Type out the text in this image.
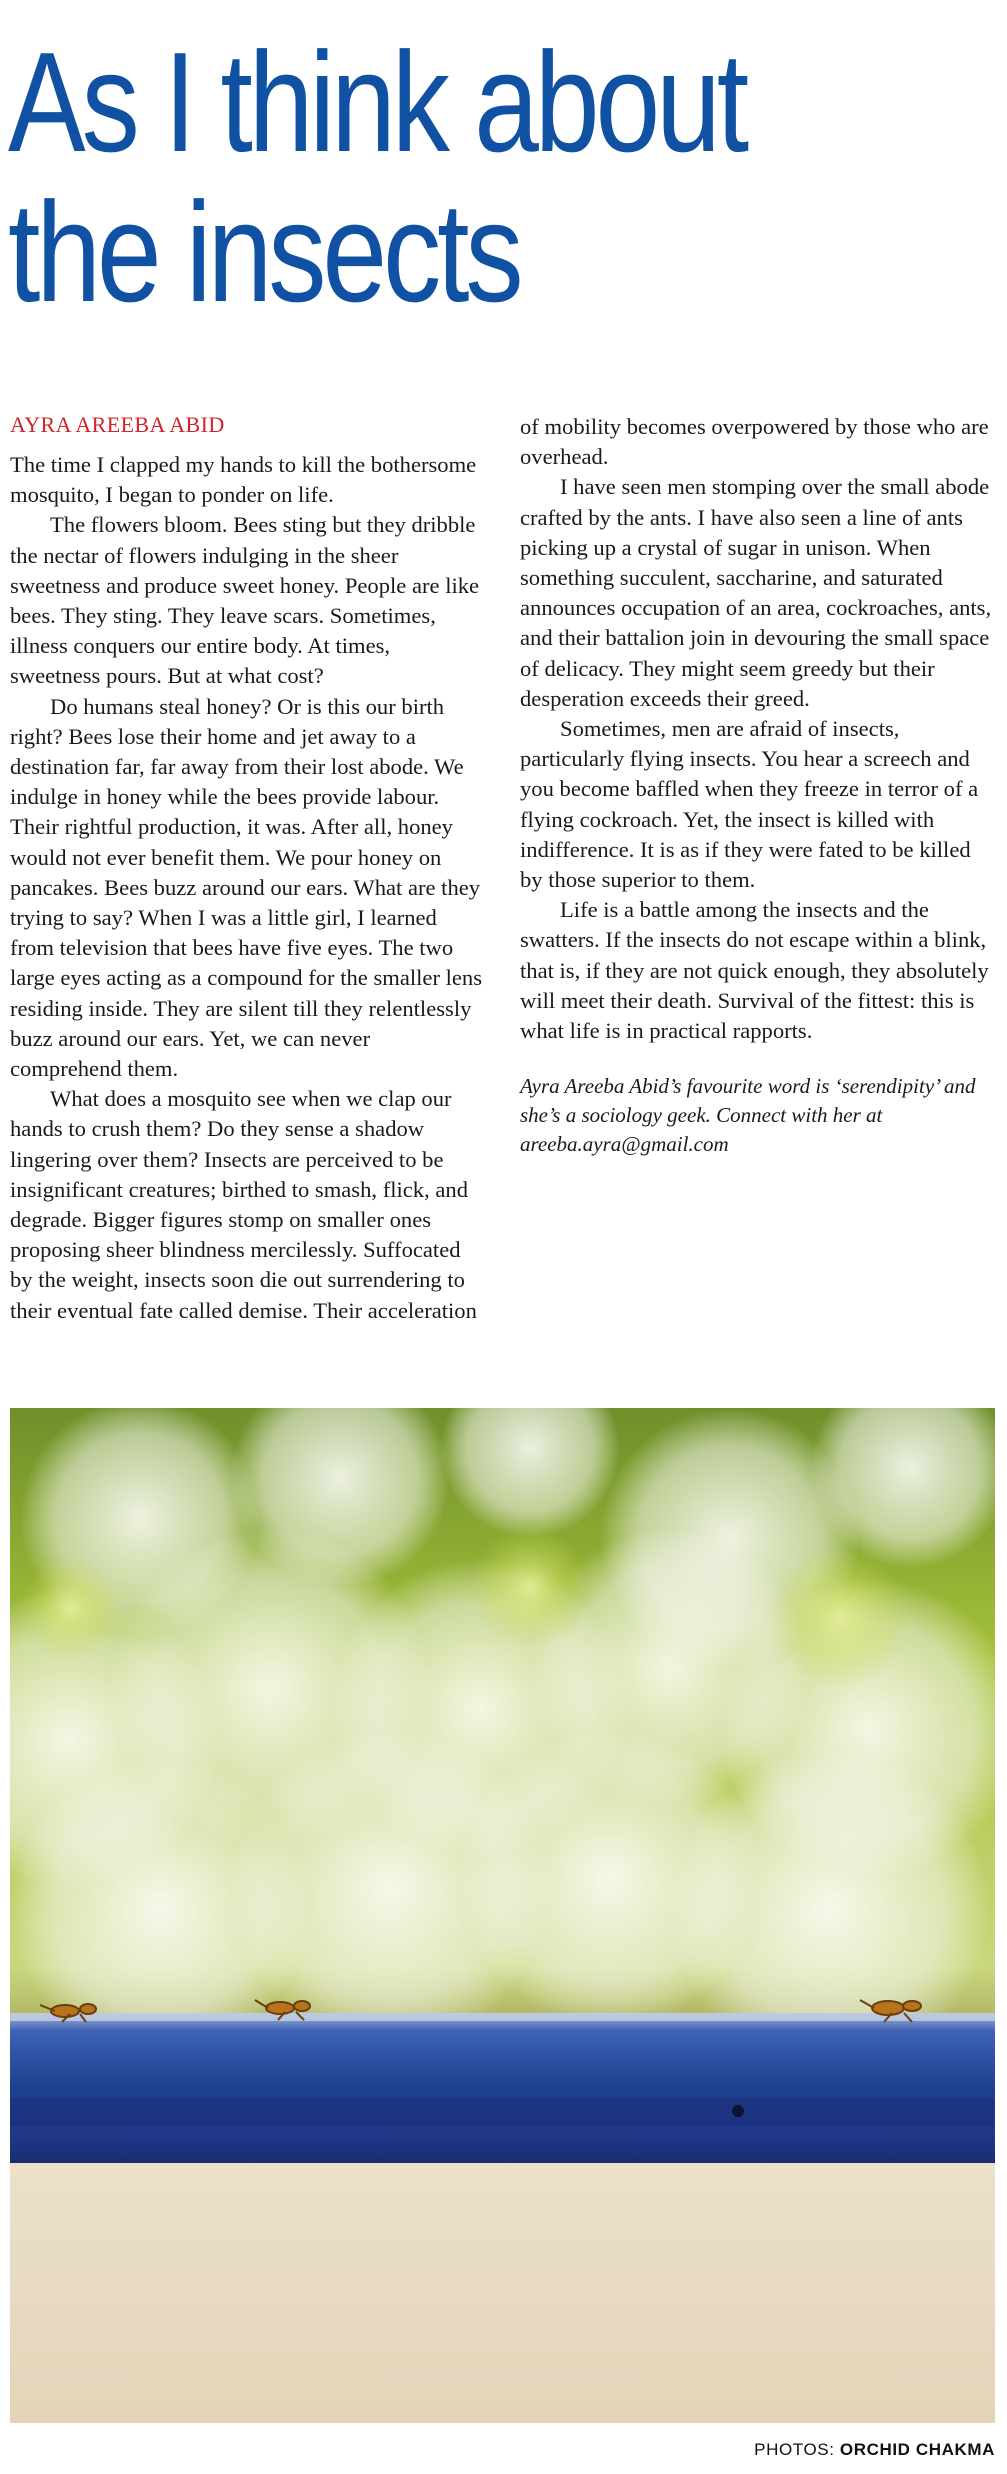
As I think about
the insects
AYRA AREEBA ABID

The time I clapped my hands to kill the bothersome mosquito, I began to ponder on life.

The flowers bloom. Bees sting but they dribble the nectar of flowers indulging in the sheer sweetness and produce sweet honey. People are like bees. They sting. They leave scars. Sometimes, illness conquers our entire body. At times, sweetness pours. But at what cost?

Do humans steal honey? Or is this our birth right? Bees lose their home and jet away to a destination far, far away from their lost abode. We indulge in honey while the bees provide labour. Their rightful production, it was. After all, honey would not ever benefit them. We pour honey on pancakes. Bees buzz around our ears. What are they trying to say? When I was a little girl, I learned from television that bees have five eyes. The two large eyes acting as a compound for the smaller lens residing inside. They are silent till they relentlessly buzz around our ears. Yet, we can never comprehend them.

What does a mosquito see when we clap our hands to crush them? Do they sense a shadow lingering over them? Insects are perceived to be insignificant creatures; birthed to smash, flick, and degrade. Bigger figures stomp on smaller ones proposing sheer blindness mercilessly. Suffocated by the weight, insects soon die out surrendering to their eventual fate called demise. Their acceleration of mobility becomes overpowered by those who are overhead.

I have seen men stomping over the small abode crafted by the ants. I have also seen a line of ants picking up a crystal of sugar in unison. When something succulent, saccharine, and saturated announces occupation of an area, cockroaches, ants, and their battalion join in devouring the small space of delicacy. They might seem greedy but their desperation exceeds their greed.

Sometimes, men are afraid of insects, particularly flying insects. You hear a screech and you become baffled when they freeze in terror of a flying cockroach. Yet, the insect is killed with indifference. It is as if they were fated to be killed by those superior to them.

Life is a battle among the insects and the swatters. If the insects do not escape within a blink, that is, if they are not quick enough, they absolutely will meet their death. Survival of the fittest: this is what life is in practical rapports.

Ayra Areeba Abid’s favourite word is ‘serendipity’ and she’s a sociology geek. Connect with her at areeba.ayra@gmail.com

PHOTOS: ORCHID CHAKMA
